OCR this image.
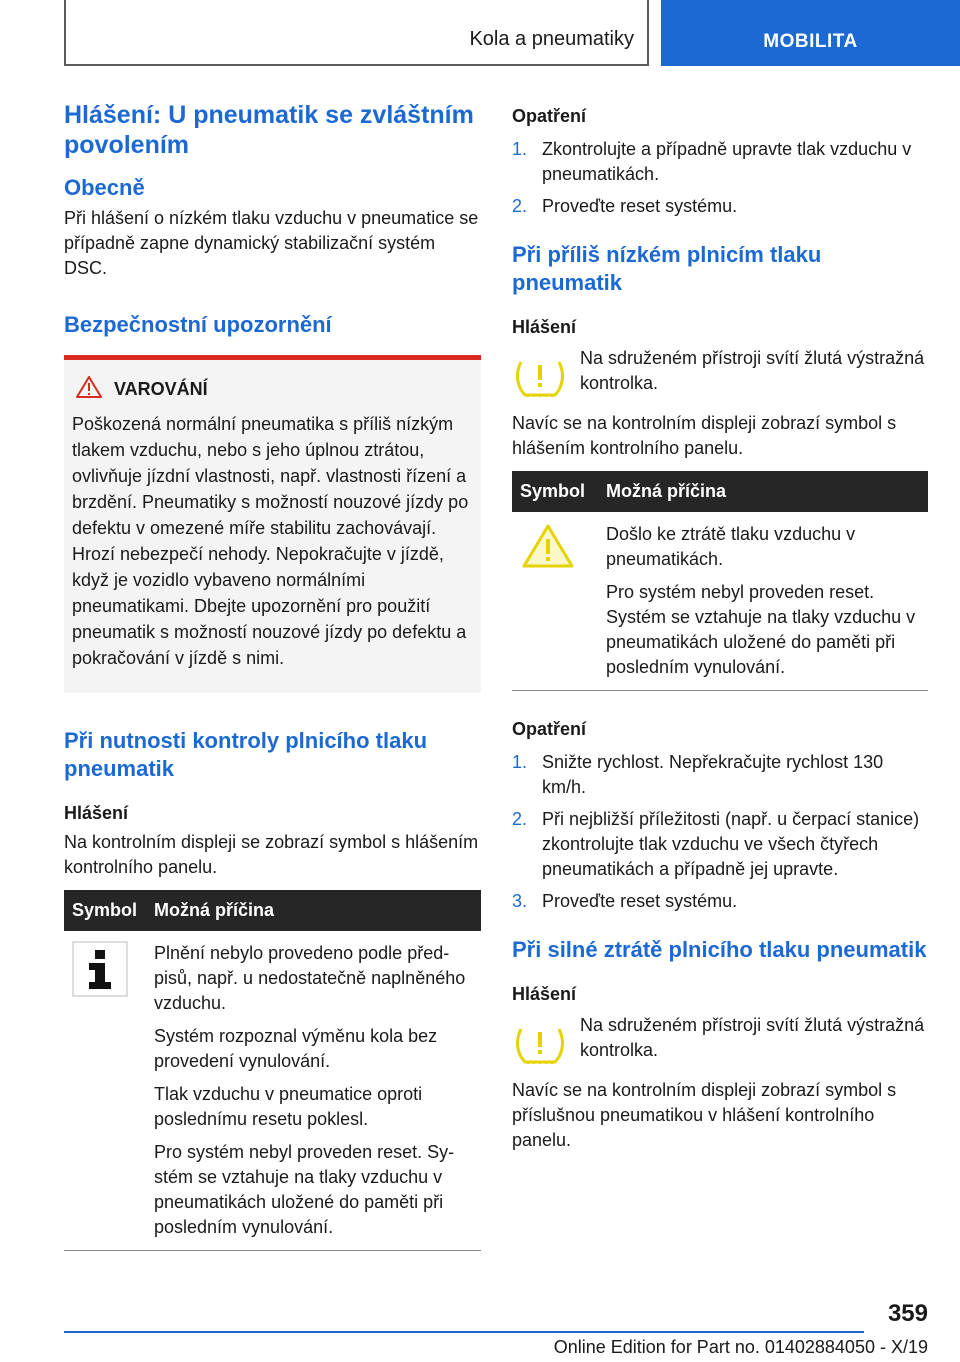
Kola a pneumatiky	MOBILITA
Hlášení: U pneumatik se zvláštním povolením
Obecně

Při hlášení o nízkém tlaku vzduchu v pneumatice se případně zapne dynamický stabilizační systém DSC.

Bezpečnostní upozornění
VAROVÁNÍ

Poškozená normální pneumatika s příliš nízkým tlakem vzduchu, nebo s jeho úplnou ztrátou, ovlivňuje jízdní vlastnosti, např. vlastnosti řízení a brzdění. Pneumatiky s možností nouzové jízdy po defektu v omezené míře stabilitu zachovávají. Hrozí nebezpečí nehody. Nepokračujte v jízdě, když je vozidlo vybaveno normálními pneumatikami. Dbejte upozornění pro použití pneumatik s možností nouzové jízdy po defektu a pokračování v jízdě s nimi.

Při nutnosti kontroly plnicího tlaku pneumatik
Hlášení

Na kontrolním displeji se zobrazí symbol s hlášením kontrolního panelu.

Symbol	Možná příčina

Plnění nebylo provedeno podle předpisů, např. u nedostatečně naplněného vzduchu.

Systém rozpoznal výměnu kola bez provedení vynulování.

Tlak vzduchu v pneumatice oproti poslednímu resetu poklesl.

Pro systém nebyl proveden reset. Systém se vztahuje na tlaky vzduchu v pneumatikách uložené do paměti při posledním vynulování.

Opatření
1. Zkontrolujte a případně upravte tlak vzduchu v pneumatikách.
2. Proveďte reset systému.
Při příliš nízkém plnicím tlaku pneumatik
Hlášení

Na sdruženém přístroji svítí žlutá výstražná kontrolka.

Navíc se na kontrolním displeji zobrazí symbol s hlášením kontrolního panelu.

Symbol	Možná příčina

Došlo ke ztrátě tlaku vzduchu v pneumatikách.

Pro systém nebyl proveden reset. Systém se vztahuje na tlaky vzduchu v pneumatikách uložené do paměti při posledním vynulování.

Opatření
1. Snižte rychlost. Nepřekračujte rychlost 130 km/h.
2. Při nejbližší příležitosti (např. u čerpací stanice) zkontrolujte tlak vzduchu ve všech čtyřech pneumatikách a případně jej upravte.
3. Proveďte reset systému.
Při silné ztrátě plnicího tlaku pneumatik
Hlášení

Na sdruženém přístroji svítí žlutá výstražná kontrolka.

Navíc se na kontrolním displeji zobrazí symbol s příslušnou pneumatikou v hlášení kontrolního panelu.

359
Online Edition for Part no. 01402884050 - X/19
